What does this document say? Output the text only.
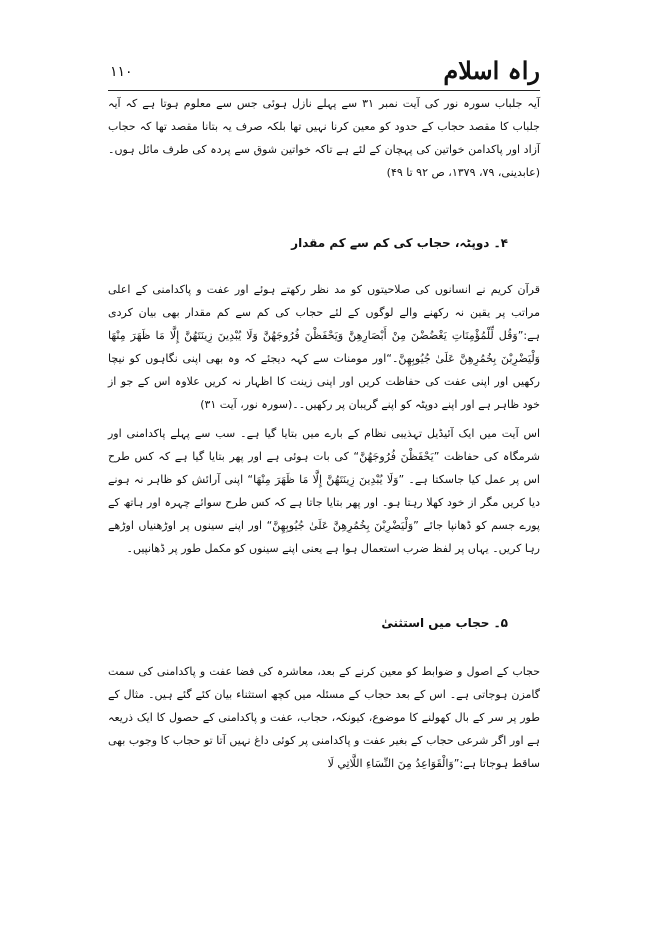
راہ اسلام
۱۱۰

آیہ جلباب سورہ نور کی آیت نمبر ۳۱ سے پہلے نازل ہوئی جس سے معلوم ہوتا ہے کہ آیہ جلباب کا مقصد حجاب کے حدود کو معین کرنا نہیں تھا بلکہ صرف یہ بتانا مقصد تھا کہ حجاب آزاد اور پاکدامن خواتین کی پہچان کے لئے ہے تاکہ خواتین شوق سے پردہ کی طرف مائل ہوں۔(عابدینی، ۷۹، ۱۳۷۹، ص ۹۲ تا ۴۹)

۴۔ دوپٹہ، حجاب کی کم سے کم مقدار

قرآن کریم نے انسانوں کی صلاحیتوں کو مد نظر رکھتے ہوئے اور عفت و پاکدامنی کے اعلی مراتب پر یقین نہ رکھنے والے لوگوں کے لئے حجاب کی کم سے کم مقدار بھی بیان کردی ہے:”وَقُل لِّلْمُؤْمِنَاتِ يَغْضُضْنَ مِنْ أَبْصَارِهِنَّ وَيَحْفَظْنَ فُرُوجَهُنَّ وَلَا يُبْدِينَ زِينَتَهُنَّ إِلَّا مَا ظَهَرَ مِنْهَا وَلْيَضْرِبْنَ بِخُمُرِهِنَّ عَلَىٰ جُيُوبِهِنَّ۔“اور مومنات سے کہہ دیجئے کہ وہ بھی اپنی نگاہوں کو نیچا رکھیں اور اپنی عفت کی حفاظت کریں اور اپنی زینت کا اظہار نہ کریں علاوہ اس کے جو از خود ظاہر ہے اور اپنے دوپٹہ کو اپنے گریبان پر رکھیں۔۔(سورہ نور، آیت ۳۱)

اس آیت میں ایک آئیڈیل تہذیبی نظام کے بارے میں بتایا گیا ہے۔ سب سے پہلے پاکدامنی اور شرمگاہ کی حفاظت ”يَحْفَظْنَ فُرُوجَهُنَّ“ کی بات ہوئی ہے اور پھر بتایا گیا ہے کہ کس طرح اس پر عمل کیا جاسکتا ہے۔ ”وَلَا يُبْدِينَ زِينَتَهُنَّ إِلَّا مَا ظَهَرَ مِنْهَا“ اپنی آرائش کو ظاہر نہ ہونے دیا کریں مگر از خود کھلا رہتا ہو۔ اور پھر بتایا جاتا ہے کہ کس طرح سوائے چہرہ اور ہاتھ کے پورے جسم کو ڈھانپا جائے ”وَلْيَضْرِبْنَ بِخُمُرِهِنَّ عَلَىٰ جُيُوبِهِنَّ“ اور اپنے سینوں پر اوڑھنیاں اوڑھے رہا کریں۔ یہاں پر لفظ ضرب استعمال ہوا ہے یعنی اپنے سینوں کو مکمل طور پر ڈھانپیں۔

۵۔ حجاب میں استثنیٰ

حجاب کے اصول و ضوابط کو معین کرنے کے بعد، معاشرہ کی فضا عفت و پاکدامنی کی سمت گامزن ہوجاتی ہے۔ اس کے بعد حجاب کے مسئلہ میں کچھ استثناء بیان کئے گئے ہیں۔ مثال کے طور پر سر کے بال کھولنے کا موضوع، کیونکہ، حجاب، عفت و پاکدامنی کے حصول کا ایک ذریعہ ہے اور اگر شرعی حجاب کے بغیر عفت و پاکدامنی پر کوئی داغ نہیں آتا تو حجاب کا وجوب بھی ساقط ہوجاتا ہے:”وَالْقَوَاعِدُ مِنَ النِّسَاءِ اللَّاتِي لَا
